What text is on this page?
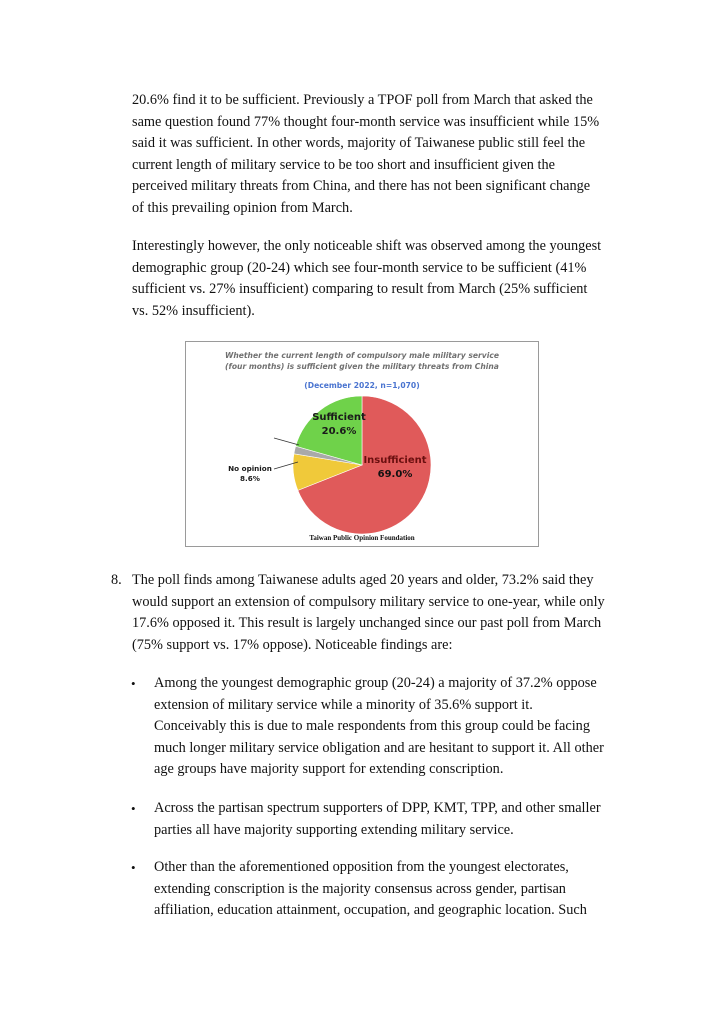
20.6% find it to be sufficient. Previously a TPOF poll from March that asked the
same question found 77% thought four-month service was insufficient while 15%
said it was sufficient. In other words, majority of Taiwanese public still feel the
current length of military service to be too short and insufficient given the
perceived military threats from China, and there has not been significant change
of this prevailing opinion from March.

Interestingly however, the only noticeable shift was observed among the youngest
demographic group (20-24) which see four-month service to be sufficient (41%
sufficient vs. 27% insufficient) comparing to result from March (25% sufficient
vs. 52% insufficient).

Whether the current length of compulsory male military service
(four months) is sufficient given the military threats from China
(December 2022, n=1,070)
Sufficient
20.6%
Insufficient
69.0%
No opinion
8.6%
Taiwan Public Opinion Foundation
8. The poll finds among Taiwanese adults aged 20 years and older, 73.2% said they
would support an extension of compulsory military service to one-year, while only
17.6% opposed it. This result is largely unchanged since our past poll from March
(75% support vs. 17% oppose). Noticeable findings are:

• Among the youngest demographic group (20-24) a majority of 37.2% oppose
extension of military service while a minority of 35.6% support it.
Conceivably this is due to male respondents from this group could be facing
much longer military service obligation and are hesitant to support it. All other
age groups have majority support for extending conscription.

• Across the partisan spectrum supporters of DPP, KMT, TPP, and other smaller
parties all have majority supporting extending military service.

• Other than the aforementioned opposition from the youngest electorates,
extending conscription is the majority consensus across gender, partisan
affiliation, education attainment, occupation, and geographic location. Such
